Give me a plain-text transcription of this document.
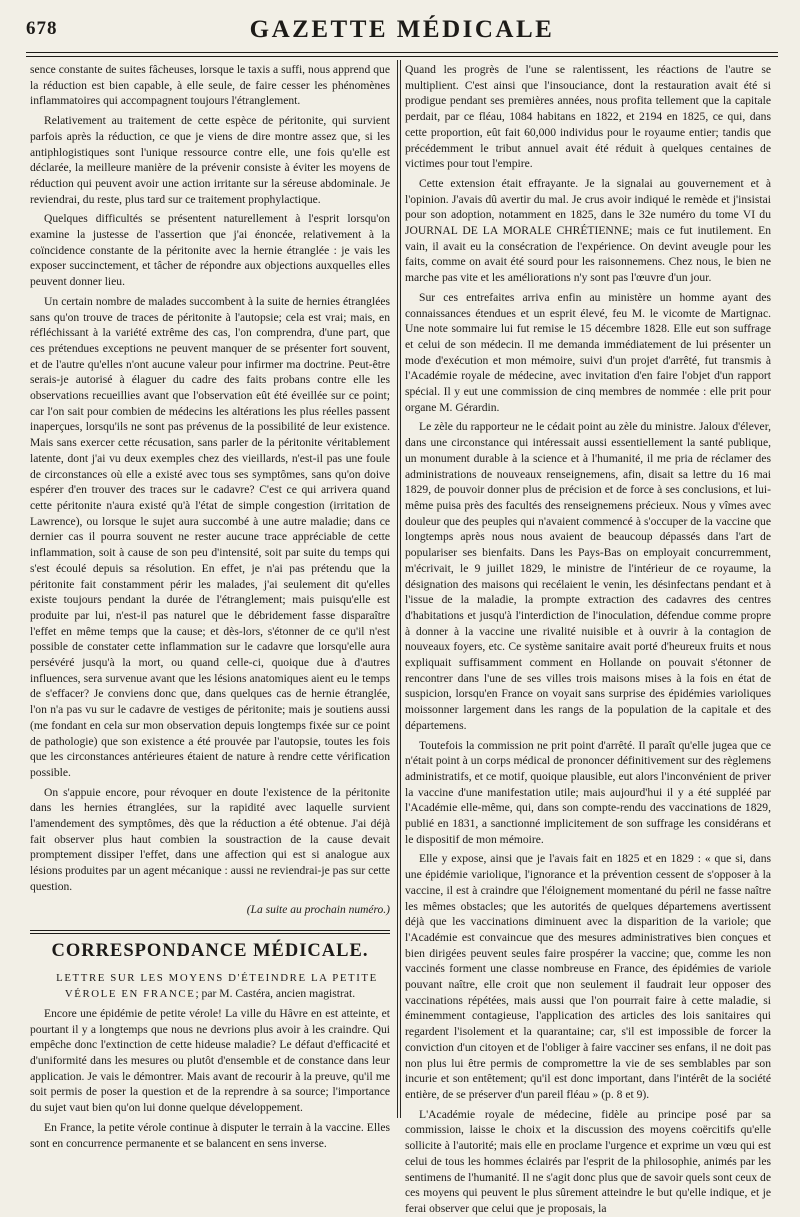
678	GAZETTE MÉDICALE

sence constante de suites fâcheuses, lorsque le taxis a suffi, nous apprend que la réduction est bien capable, à elle seule, de faire cesser les phénomènes inflammatoires qui accompagnent toujours l'étranglement.

Relativement au traitement de cette espèce de péritonite, qui survient parfois après la réduction, ce que je viens de dire montre assez que, si les antiphlogistiques sont l'unique ressource contre elle, une fois qu'elle est déclarée, la meilleure manière de la prévenir consiste à éviter les moyens de réduction qui peuvent avoir une action irritante sur la séreuse abdominale. Je reviendrai, du reste, plus tard sur ce traitement prophylactique.

Quelques difficultés se présentent naturellement à l'esprit lorsqu'on examine la justesse de l'assertion que j'ai énoncée, relativement à la coïncidence constante de la péritonite avec la hernie étranglée : je vais les exposer succinctement, et tâcher de répondre aux objections auxquelles elles peuvent donner lieu.

Un certain nombre de malades succombent à la suite de hernies étranglées sans qu'on trouve de traces de péritonite à l'autopsie; cela est vrai; mais, en réfléchissant à la variété extrême des cas, l'on comprendra, d'une part, que ces prétendues exceptions ne peuvent manquer de se présenter fort souvent, et de l'autre qu'elles n'ont aucune valeur pour infirmer ma doctrine. Peut-être serais-je autorisé à élaguer du cadre des faits probans contre elle les observations recueillies avant que l'observation eût été éveillée sur ce point; car l'on sait pour combien de médecins les altérations les plus réelles passent inaperçues, lorsqu'ils ne sont pas prévenus de la possibilité de leur existence. Mais sans exercer cette récusation, sans parler de la péritonite véritablement latente, dont j'ai vu deux exemples chez des vieillards, n'est-il pas une foule de circonstances où elle a existé avec tous ses symptômes, sans qu'on doive espérer d'en trouver des traces sur le cadavre? C'est ce qui arrivera quand cette péritonite n'aura existé qu'à l'état de simple congestion (irritation de Lawrence), ou lorsque le sujet aura succombé à une autre maladie; dans ce dernier cas il pourra souvent ne rester aucune trace appréciable de cette inflammation, soit à cause de son peu d'intensité, soit par suite du temps qui s'est écoulé depuis sa résolution. En effet, je n'ai pas prétendu que la péritonite fait constamment périr les malades, j'ai seulement dit qu'elles existe toujours pendant la durée de l'étranglement; mais puisqu'elle est produite par lui, n'est-il pas naturel que le débridement fasse disparaître l'effet en même temps que la cause; et dès-lors, s'étonner de ce qu'il n'est possible de constater cette inflammation sur le cadavre que lorsqu'elle aura persévéré jusqu'à la mort, ou quand celle-ci, quoique due à d'autres influences, sera survenue avant que les lésions anatomiques aient eu le temps de s'effacer? Je conviens donc que, dans quelques cas de hernie étranglée, l'on n'a pas vu sur le cadavre de vestiges de péritonite; mais je soutiens aussi (me fondant en cela sur mon observation depuis longtemps fixée sur ce point de pathologie) que son existence a été prouvée par l'autopsie, toutes les fois que les circonstances antérieures étaient de nature à rendre cette vérification possible.

On s'appuie encore, pour révoquer en doute l'existence de la péritonite dans les hernies étranglées, sur la rapidité avec laquelle survient l'amendement des symptômes, dès que la réduction a été obtenue. J'ai déjà fait observer plus haut combien la soustraction de la cause devait promptement dissiper l'effet, dans une affection qui est si analogue aux lésions produites par un agent mécanique : aussi ne reviendrai-je pas sur cette question.

(La suite au prochain numéro.)
CORRESPONDANCE MÉDICALE.

LETTRE SUR LES MOYENS D'ÉTEINDRE LA PETITE VÉROLE EN FRANCE; par M. Castéra, ancien magistrat.

Encore une épidémie de petite vérole! La ville du Hâvre en est atteinte, et pourtant il y a longtemps que nous ne devrions plus avoir à les craindre. Qui empêche donc l'extinction de cette hideuse maladie? Le défaut d'efficacité et d'uniformité dans les mesures ou plutôt d'ensemble et de constance dans leur application. Je vais le démontrer. Mais avant de recourir à la preuve, qu'il me soit permis de poser la question et de la reprendre à sa source; l'importance du sujet vaut bien qu'on lui donne quelque développement.

En France, la petite vérole continue à disputer le terrain à la vaccine. Elles sont en concurrence permanente et se balancent en sens inverse.

Quand les progrès de l'une se ralentissent, les réactions de l'autre se multiplient. C'est ainsi que l'insouciance, dont la restauration avait été si prodigue pendant ses premières années, nous profita tellement que la capitale perdait, par ce fléau, 1084 habitans en 1822, et 2194 en 1825, ce qui, dans cette proportion, eût fait 60,000 individus pour le royaume entier; tandis que précédemment le tribut annuel avait été réduit à quelques centaines de victimes pour tout l'empire.

Cette extension était effrayante. Je la signalai au gouvernement et à l'opinion. J'avais dû avertir du mal. Je crus avoir indiqué le remède et j'insistai pour son adoption, notamment en 1825, dans le 32e numéro du tome VI du JOURNAL DE LA MORALE CHRÉTIENNE; mais ce fut inutilement. En vain, il avait eu la consécration de l'expérience. On devint aveugle pour les faits, comme on avait été sourd pour les raisonnemens. Chez nous, le bien ne marche pas vite et les améliorations n'y sont pas l'œuvre d'un jour.

Sur ces entrefaites arriva enfin au ministère un homme ayant des connaissances étendues et un esprit élevé, feu M. le vicomte de Martignac. Une note sommaire lui fut remise le 15 décembre 1828. Elle eut son suffrage et celui de son médecin. Il me demanda immédiatement de lui présenter un mode d'exécution et mon mémoire, suivi d'un projet d'arrêté, fut transmis à l'Académie royale de médecine, avec invitation d'en faire l'objet d'un rapport spécial. Il y eut une commission de cinq membres de nommée : elle prit pour organe M. Gérardin.

Le zèle du rapporteur ne le cédait point au zèle du ministre. Jaloux d'élever, dans une circonstance qui intéressait aussi essentiellement la santé publique, un monument durable à la science et à l'humanité, il me pria de réclamer des administrations de nouveaux renseignemens, afin, disait sa lettre du 16 mai 1829, de pouvoir donner plus de précision et de force à ses conclusions, et lui-même puisa près des facultés des renseignemens précieux. Nous y vîmes avec douleur que des peuples qui n'avaient commencé à s'occuper de la vaccine que longtemps après nous nous avaient de beaucoup dépassés dans l'art de populariser ses bienfaits. Dans les Pays-Bas on employait concurremment, m'écrivait, le 9 juillet 1829, le ministre de l'intérieur de ce royaume, la désignation des maisons qui recélaient le venin, les désinfectans pendant et à l'issue de la maladie, la prompte extraction des cadavres des centres d'habitations et jusqu'à l'interdiction de l'inoculation, défendue comme propre à donner à la vaccine une rivalité nuisible et à ouvrir à la contagion de nouveaux foyers, etc. Ce système sanitaire avait porté d'heureux fruits et nous expliquait suffisamment comment en Hollande on pouvait s'étonner de rencontrer dans l'une de ses villes trois maisons mises à la fois en état de suspicion, lorsqu'en France on voyait sans surprise des épidémies varioliques moissonner largement dans les rangs de la population de la capitale et des départemens.

Toutefois la commission ne prit point d'arrêté. Il paraît qu'elle jugea que ce n'était point à un corps médical de prononcer définitivement sur des règlemens administratifs, et ce motif, quoique plausible, eut alors l'inconvénient de priver la vaccine d'une manifestation utile; mais aujourd'hui il y a été suppléé par l'Académie elle-même, qui, dans son compte-rendu des vaccinations de 1829, publié en 1831, a sanctionné implicitement de son suffrage les considérans et le dispositif de mon mémoire.

Elle y expose, ainsi que je l'avais fait en 1825 et en 1829 : « que si, dans une épidémie variolique, l'ignorance et la prévention cessent de s'opposer à la vaccine, il est à craindre que l'éloignement momentané du péril ne fasse naître les mêmes obstacles; que les autorités de quelques départemens avertissent déjà que les vaccinations diminuent avec la disparition de la variole; que l'Académie est convaincue que des mesures administratives bien conçues et bien dirigées peuvent seules faire prospérer la vaccine; que, comme les non vaccinés forment une classe nombreuse en France, des épidémies de variole pouvant naître, elle croit que non seulement il faudrait leur opposer des vaccinations répétées, mais aussi que l'on pourrait faire à cette maladie, si éminemment contagieuse, l'application des articles des lois sanitaires qui regardent l'isolement et la quarantaine; car, s'il est impossible de forcer la conviction d'un citoyen et de l'obliger à faire vacciner ses enfans, il ne doit pas non plus lui être permis de compromettre la vie de ses semblables par son incurie et son entêtement; qu'il est donc important, dans l'intérêt de la société entière, de se préserver d'un pareil fléau » (p. 8 et 9).

L'Académie royale de médecine, fidèle au principe posé par sa commission, laisse le choix et la discussion des moyens coërcitifs qu'elle sollicite à l'autorité; mais elle en proclame l'urgence et exprime un vœu qui est celui de tous les hommes éclairés par l'esprit de la philosophie, animés par les sentimens de l'humanité. Il ne s'agit donc plus que de savoir quels sont ceux de ces moyens qui peuvent le plus sûrement atteindre le but qu'elle indique, et je ferai observer que celui que je proposais, la
